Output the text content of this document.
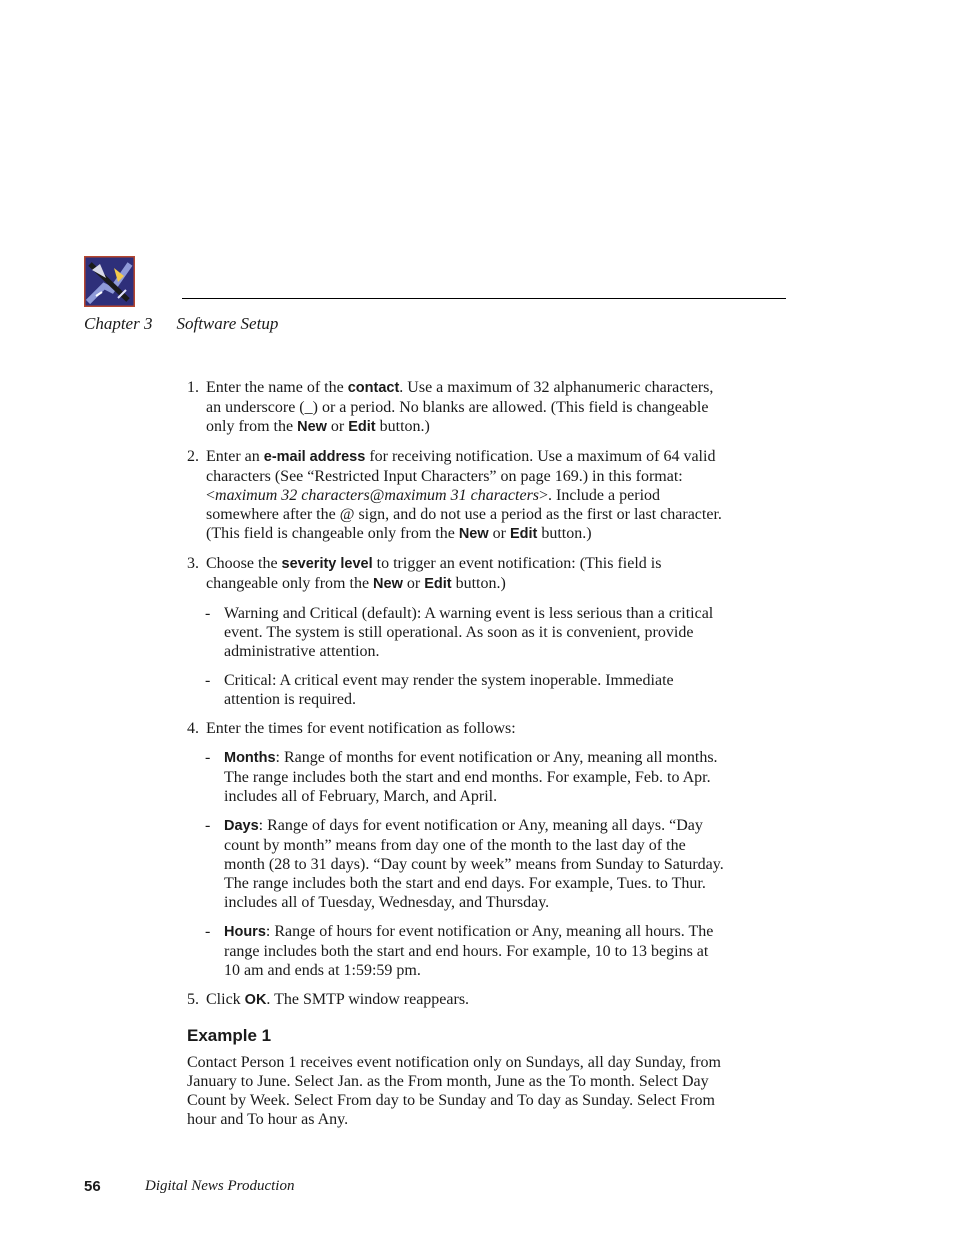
Chapter 3 Software Setup
1. Enter the name of the contact. Use a maximum of 32 alphanumeric characters, an underscore (_) or a period. No blanks are allowed. (This field is changeable only from the New or Edit button.)
2. Enter an e-mail address for receiving notification. Use a maximum of 64 valid characters (See “Restricted Input Characters” on page 169.) in this format: <maximum 32 characters@maximum 31 characters>. Include a period somewhere after the @ sign, and do not use a period as the first or last character. (This field is changeable only from the New or Edit button.)
3. Choose the severity level to trigger an event notification: (This field is changeable only from the New or Edit button.)
- Warning and Critical (default): A warning event is less serious than a critical event. The system is still operational. As soon as it is convenient, provide administrative attention.
- Critical: A critical event may render the system inoperable. Immediate attention is required.
4. Enter the times for event notification as follows:
- Months: Range of months for event notification or Any, meaning all months. The range includes both the start and end months. For example, Feb. to Apr. includes all of February, March, and April.
- Days: Range of days for event notification or Any, meaning all days. “Day count by month” means from day one of the month to the last day of the month (28 to 31 days). “Day count by week” means from Sunday to Saturday. The range includes both the start and end days. For example, Tues. to Thur. includes all of Tuesday, Wednesday, and Thursday.
- Hours: Range of hours for event notification or Any, meaning all hours. The range includes both the start and end hours. For example, 10 to 13 begins at 10 am and ends at 1:59:59 pm.
5. Click OK. The SMTP window reappears.
Example 1

Contact Person 1 receives event notification only on Sundays, all day Sunday, from January to June. Select Jan. as the From month, June as the To month. Select Day Count by Week. Select From day to be Sunday and To day as Sunday. Select From hour and To hour as Any.

56	Digital News Production
